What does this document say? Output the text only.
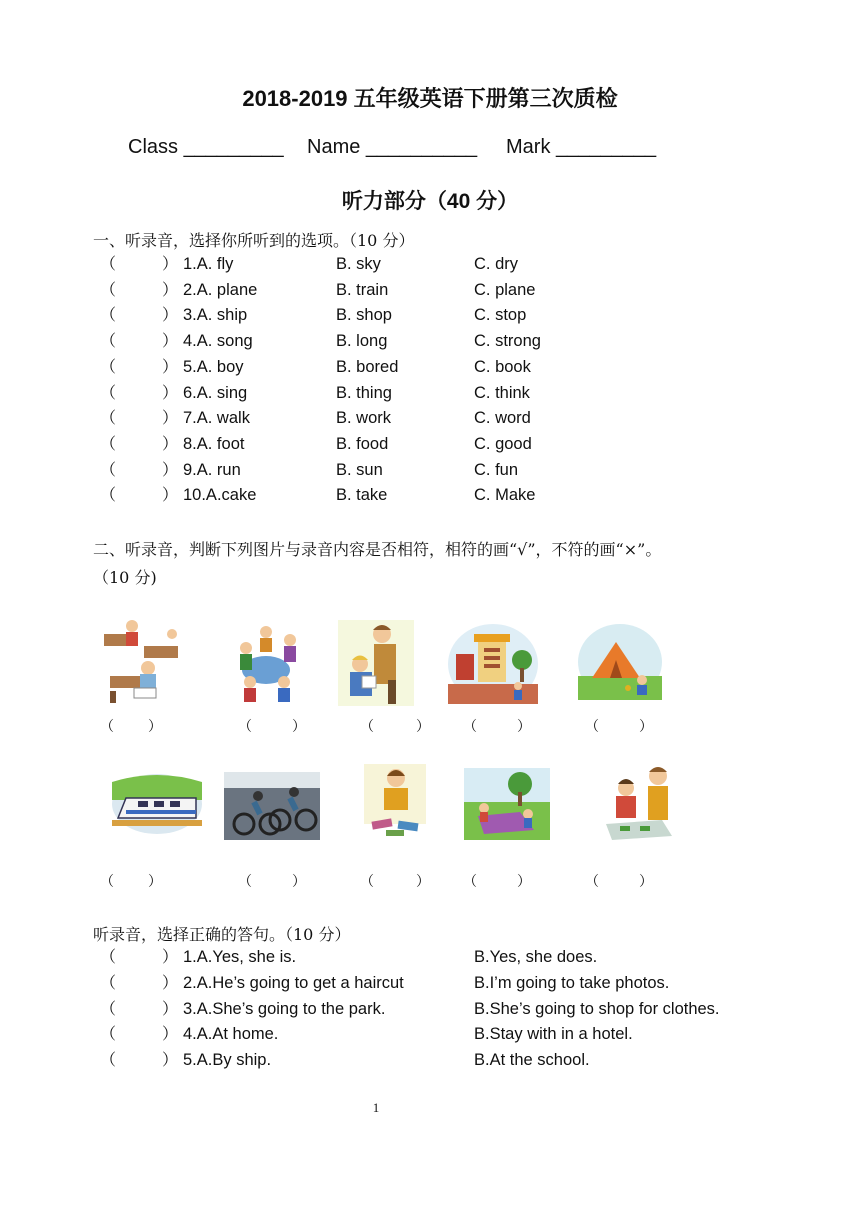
2018-2019 五年级英语下册第三次质检
Class _________ Name __________ Mark _________
听力部分（40 分）
一、听录音，选择你所听到的选项。（10 分）
（	） 1.A. fly	B. sky	C. dry
（	） 2.A. plane	B. train	C. plane
（	） 3.A. ship	B. shop	C. stop
（	） 4.A. song	B. long	C. strong
（	） 5.A. boy	B. bored	C. book
（	） 6.A. sing	B. thing	C. think
（	） 7.A. walk	B. work	C. word
（	） 8.A. foot	B. food	C. good
（	） 9.A. run	B. sun	C. fun
（	） 10.A.cake	B. take	C. Make
二、听录音，判断下列图片与录音内容是否相符，相符的画“√”，不符的画“×”。
（10 分)
（ ）	（	）	（	） （	）	（	）
（ ）	（	）	（	） （	）	（	）
听录音，选择正确的答句。（10 分）
（	） 1.A.Yes, she is.	B.Yes, she does.
（	） 2.A.He’s going to get a haircut	B.I’m going to take photos.
（	） 3.A.She’s going to the park.	B.She’s going to shop for clothes.
（	） 4.A.At home.	B.Stay with in a hotel.
（	） 5.A.By ship.	B.At the school.
1
